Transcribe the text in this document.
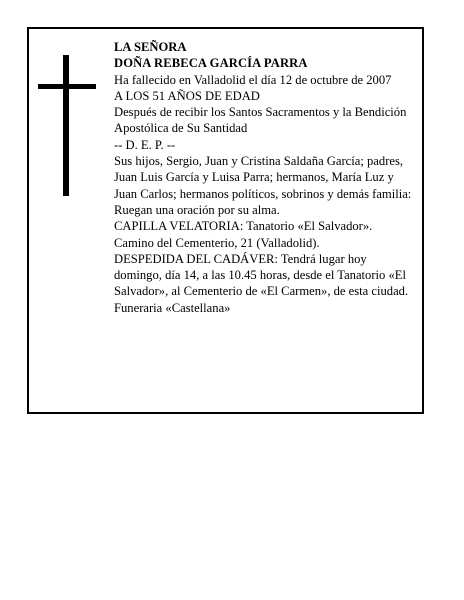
LA SEÑORA

DOÑA REBECA GARCÍA PARRA

Ha fallecido en Valladolid el día 12 de octubre de 2007

A LOS 51 AÑOS DE EDAD

Después de recibir los Santos Sacramentos y la Bendición Apostólica de Su Santidad

-- D. E. P. --

Sus hijos, Sergio, Juan y Cristina Saldaña García; padres, Juan Luis García y Luisa Parra; hermanos, María Luz y Juan Carlos; hermanos políticos, sobrinos y demás familia:

Ruegan una oración por su alma.

CAPILLA VELATORIA: Tanatorio «El Salvador». Camino del Cementerio, 21 (Valladolid).

DESPEDIDA DEL CADÁVER: Tendrá lugar hoy domingo, día 14, a las 10.45 horas, desde el Tanatorio «El Salvador», al Cementerio de «El Carmen», de esta ciudad.

Funeraria «Castellana»
